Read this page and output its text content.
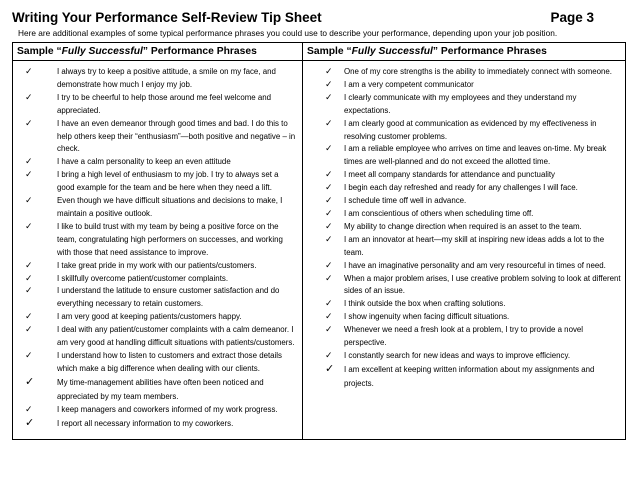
Writing Your Performance Self-Review Tip Sheet	Page 3
Here are additional examples of some typical performance phrases you could use to describe your performance, depending upon your job position.
Sample “Fully Successful” Performance Phrases
✓	I always try to keep a positive attitude, a smile on my face, and demonstrate how much I enjoy my job.
✓	I try to be cheerful to help those around me feel welcome and appreciated.
✓	I have an even demeanor through good times and bad. I do this to help others keep their “enthusiasm”—both positive and negative – in check.
✓	I have a calm personality to keep an even attitude
✓	I bring a high level of enthusiasm to my job. I try to always set a good example for the team and be here when they need a lift.
✓	Even though we have difficult situations and decisions to make, I maintain a positive outlook.
✓	I like to build trust with my team by being a positive force on the team, congratulating high performers on successes, and working with those that need assistance to improve.
✓	I take great pride in my work with our patients/customers.
✓	I skillfully overcome patient/customer complaints.
✓	I understand the latitude to ensure customer satisfaction and do everything necessary to retain customers.
✓	I am very good at keeping patients/customers happy.
✓	I deal with any patient/customer complaints with a calm demeanor. I am very good at handling difficult situations with patients/customers.
✓	I understand how to listen to customers and extract those details which make a big difference when dealing with our clients.
✓	My time-management abilities have often been noticed and appreciated by my team members.
✓	I keep managers and coworkers informed of my work progress.
✓	I report all necessary information to my coworkers.
Sample “Fully Successful” Performance Phrases
✓ One of my core strengths is the ability to immediately connect with someone.
✓ I am a very competent communicator
✓ I clearly communicate with my employees and they understand my expectations.
✓ I am clearly good at communication as evidenced by my effectiveness in resolving customer problems.
✓ I am a reliable employee who arrives on time and leaves on-time. My break times are well-planned and do not exceed the allotted time.
✓ I meet all company standards for attendance and punctuality
✓ I begin each day refreshed and ready for any challenges I will face.
✓ I schedule time off well in advance.
✓ I am conscientious of others when scheduling time off.
✓ My ability to change direction when required is an asset to the team.
✓ I am an innovator at heart—my skill at inspiring new ideas adds a lot to the team.
✓ I have an imaginative personality and am very resourceful in times of need.
✓ When a major problem arises, I use creative problem solving to look at different sides of an issue.
✓ I think outside the box when crafting solutions.
✓ I show ingenuity when facing difficult situations.
✓ Whenever we need a fresh look at a problem, I try to provide a novel perspective.
✓ I constantly search for new ideas and ways to improve efficiency.
✓ I am excellent at keeping written information about my assignments and projects.
